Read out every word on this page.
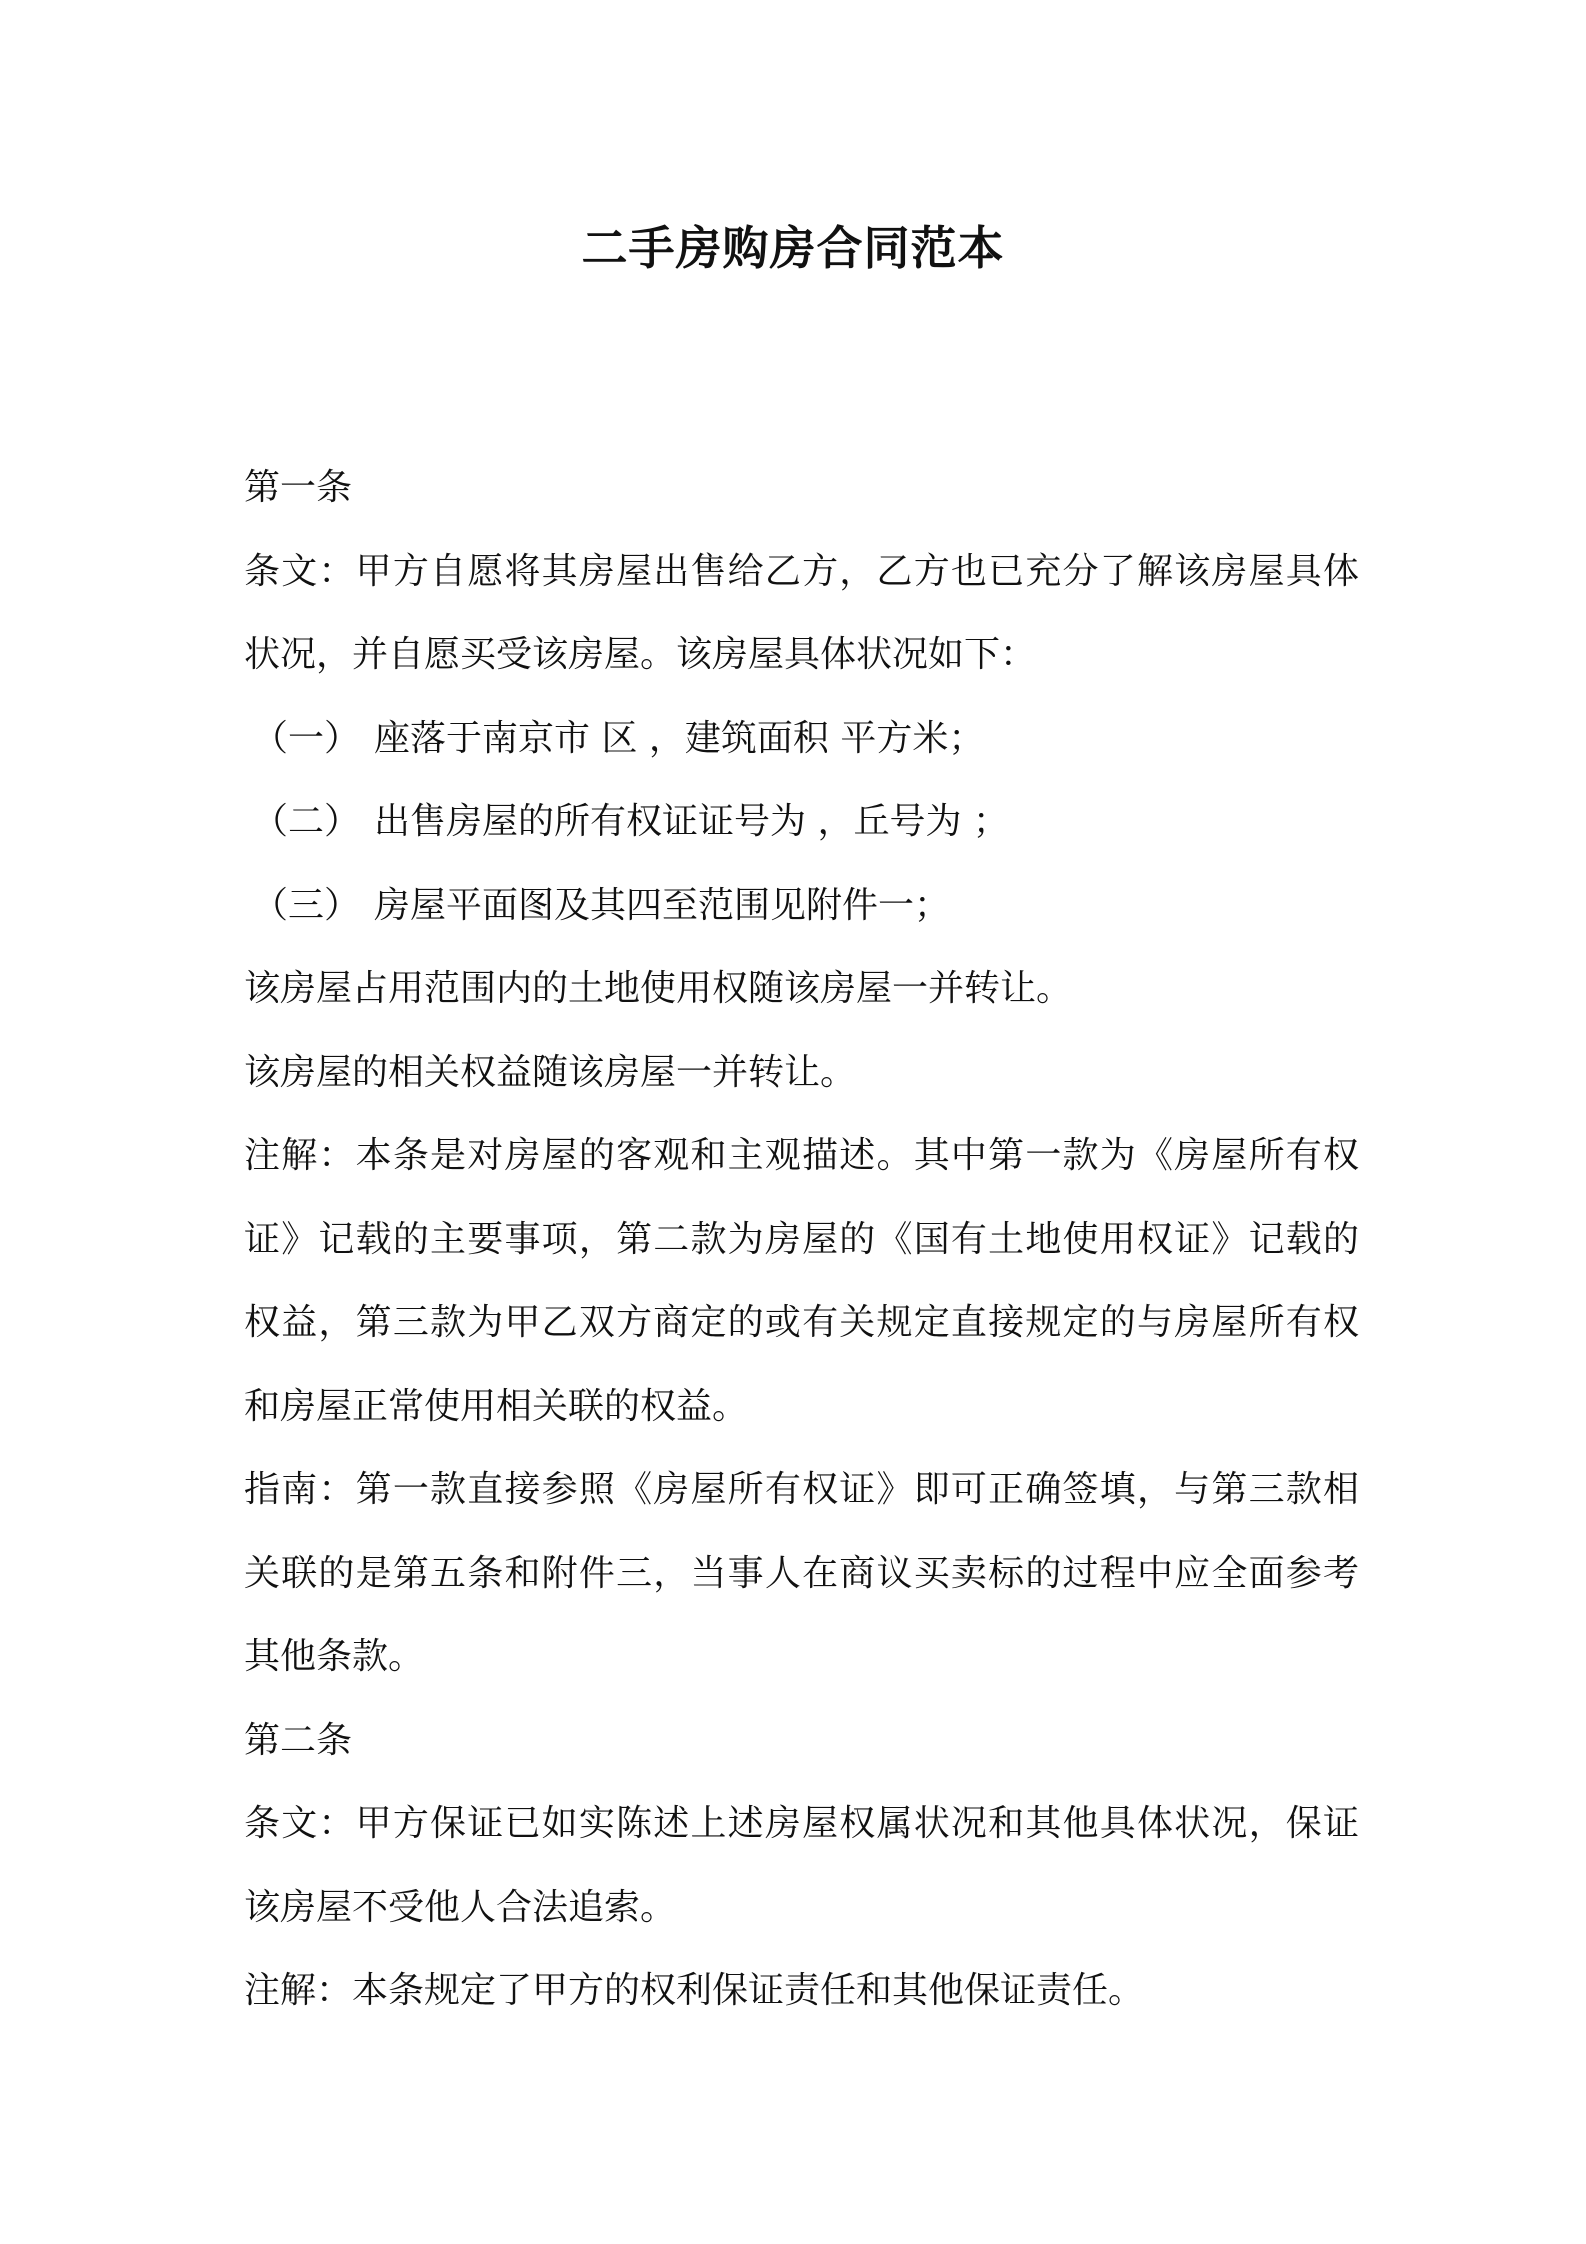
二手房购房合同范本

第一条

条文：甲方自愿将其房屋出售给乙方，乙方也已充分了解该房屋具体

状况，并自愿买受该房屋。该房屋具体状况如下：

（一） 座落于南京市 区 ，建筑面积 平方米；

（二） 出售房屋的所有权证证号为 ，丘号为 ；

（三） 房屋平面图及其四至范围见附件一；

该房屋占用范围内的土地使用权随该房屋一并转让。

该房屋的相关权益随该房屋一并转让。

注解：本条是对房屋的客观和主观描述。其中第一款为《房屋所有权

证》记载的主要事项，第二款为房屋的《国有土地使用权证》记载的

权益，第三款为甲乙双方商定的或有关规定直接规定的与房屋所有权

和房屋正常使用相关联的权益。

指南：第一款直接参照《房屋所有权证》即可正确签填，与第三款相

关联的是第五条和附件三，当事人在商议买卖标的过程中应全面参考

其他条款。

第二条

条文：甲方保证已如实陈述上述房屋权属状况和其他具体状况，保证

该房屋不受他人合法追索。

注解：本条规定了甲方的权利保证责任和其他保证责任。
